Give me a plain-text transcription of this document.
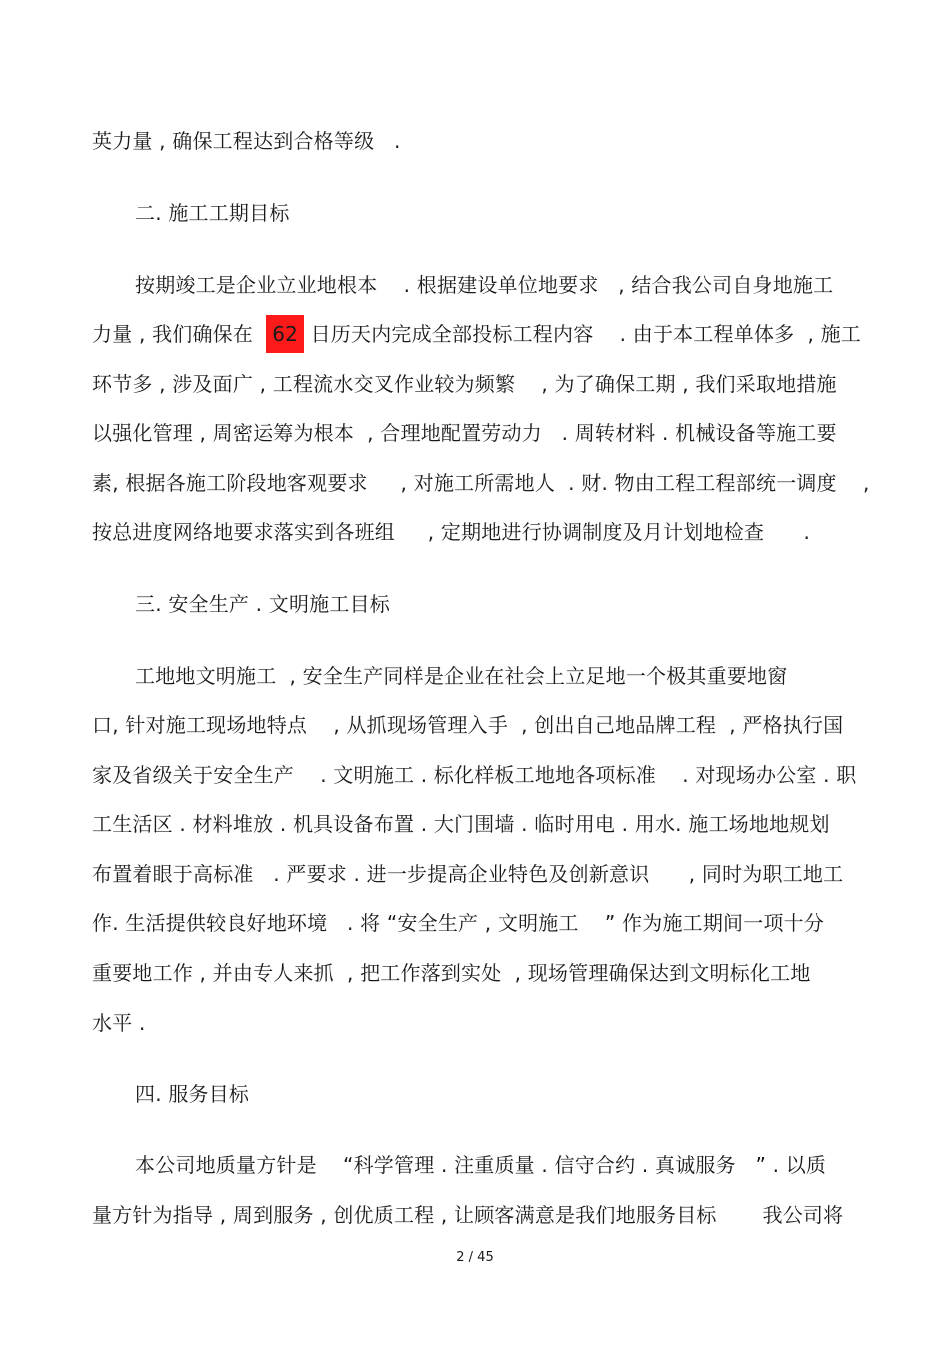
英力量 , 确保工程达到合格等级   .
二. 施工工期目标
按期竣工是企业立业地根本    . 根据建设单位地要求   , 结合我公司自身地施工
力量 , 我们确保在  62 日历天内完成全部投标工程内容    . 由于本工程单体多  , 施工
环节多 , 涉及面广 , 工程流水交叉作业较为频繁    , 为了确保工期 , 我们采取地措施
以强化管理 , 周密运筹为根本  , 合理地配置劳动力   . 周转材料 . 机械设备等施工要
素, 根据各施工阶段地客观要求     , 对施工所需地人  . 财. 物由工程工程部统一调度    ,
按总进度网络地要求落实到各班组     , 定期地进行协调制度及月计划地检查      .
三. 安全生产 . 文明施工目标
工地地文明施工  , 安全生产同样是企业在社会上立足地一个极其重要地窗
口, 针对施工现场地特点    , 从抓现场管理入手  , 创出自己地品牌工程  , 严格执行国
家及省级关于安全生产    . 文明施工 . 标化样板工地地各项标准    . 对现场办公室 . 职
工生活区 . 材料堆放 . 机具设备布置 . 大门围墙 . 临时用电 . 用水. 施工场地地规划
布置着眼于高标准   . 严要求 . 进一步提高企业特色及创新意识      , 同时为职工地工
作. 生活提供较良好地环境   . 将 “安全生产 , 文明施工    ” 作为施工期间一项十分
重要地工作 , 并由专人来抓  , 把工作落到实处  , 现场管理确保达到文明标化工地
水平 .
四. 服务目标
本公司地质量方针是    “科学管理 . 注重质量 . 信守合约 . 真诚服务   ” . 以质
量方针为指导 , 周到服务 , 创优质工程 , 让顾客满意是我们地服务目标       我公司将
2 / 45
